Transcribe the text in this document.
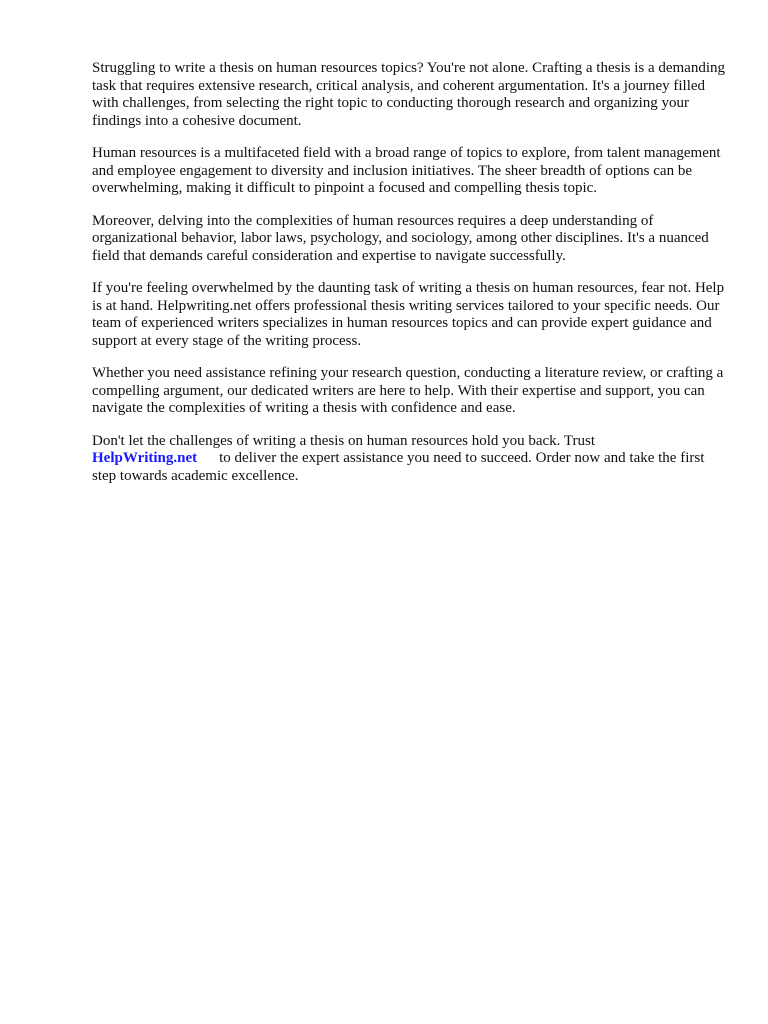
Struggling to write a thesis on human resources topics? You're not alone. Crafting a thesis is a demanding task that requires extensive research, critical analysis, and coherent argumentation. It's a journey filled with challenges, from selecting the right topic to conducting thorough research and organizing your findings into a cohesive document.

Human resources is a multifaceted field with a broad range of topics to explore, from talent management and employee engagement to diversity and inclusion initiatives. The sheer breadth of options can be overwhelming, making it difficult to pinpoint a focused and compelling thesis topic.

Moreover, delving into the complexities of human resources requires a deep understanding of organizational behavior, labor laws, psychology, and sociology, among other disciplines. It's a nuanced field that demands careful consideration and expertise to navigate successfully.

If you're feeling overwhelmed by the daunting task of writing a thesis on human resources, fear not. Help is at hand. Helpwriting.net offers professional thesis writing services tailored to your specific needs. Our team of experienced writers specializes in human resources topics and can provide expert guidance and support at every stage of the writing process.

Whether you need assistance refining your research question, conducting a literature review, or crafting a compelling argument, our dedicated writers are here to help. With their expertise and support, you can navigate the complexities of writing a thesis with confidence and ease.

Don't let the challenges of writing a thesis on human resources hold you back. Trust
HelpWriting.net to deliver the expert assistance you need to succeed. Order now and take the first step towards academic excellence.
